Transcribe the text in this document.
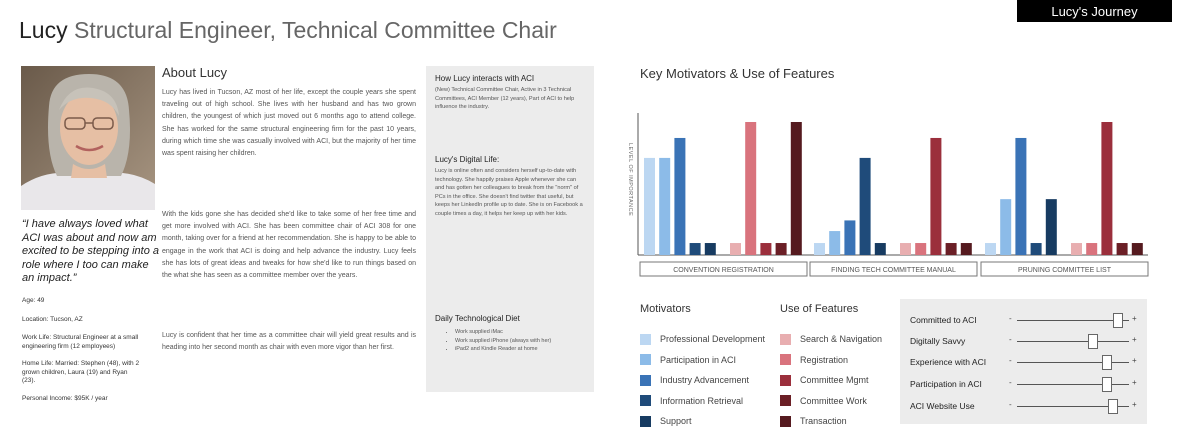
Lucy Structural Engineer, Technical Committee Chair
Lucy's Journey
“I have always loved what ACI was about and now am excited to be stepping into a role where I too can make an impact.”
Age: 49
Location: Tucson, AZ
Work Life: Structural Engineer at a small engineering firm (12 employees)
Home Life: Married: Stephen (48), with 2 grown children, Laura (19) and Ryan (23).
Personal Income: $95K / year
About Lucy

Lucy has lived in Tucson, AZ most of her life, except the couple years she spent traveling out of high school. She lives with her husband and has two grown children, the youngest of which just moved out 6 months ago to attend college. She has worked for the same structural engineering firm for the past 10 years, during which time she was casually involved with ACI, but the majority of her time was spent raising her children.

With the kids gone she has decided she'd like to take some of her free time and get more involved with ACI. She has been committee chair of ACI 308 for one month, taking over for a friend at her recommendation. She is happy to be able to engage in the work that ACI is doing and help advance the industry. Lucy feels she has lots of great ideas and tweaks for how she'd like to run things based on the what she has seen as a committee member over the years.

Lucy is confident that her time as a committee chair will yield great results and is heading into her second month as chair with even more vigor than her first.

How Lucy interacts with ACI

(New) Technical Committee Chair, Active in 3 Technical Committees, ACI Member (12 years), Part of ACI to help influence the industry.

Lucy's Digital Life:

Lucy is online often and considers herself up-to-date with technology. She happily praises Apple whenever she can and has gotten her colleagues to break from the "norm" of PCs in the office. She doesn't find twitter that useful, but keeps her LinkedIn profile up to date. She is on Facebook a couple times a day, it helps her keep up with her kids.

Daily Technological Diet
• Work supplied iMac
• Work supplied iPhone (always with her)
• iPad2 and Kindle Reader at home
Key Motivators & Use of Features
LEVEL OF IMPORTANCE
CONVENTION REGISTRATION	FINDING TECH COMMITTEE MANUAL	PRUNING COMMITTEE LIST
Motivators
Professional Development
Participation in ACI
Industry Advancement
Information Retrieval
Support
Use of Features
Search & Navigation
Registration
Committee Mgmt
Committee Work
Transaction
Committed to ACI	-	+
Digitally Savvy	-	+
Experience with ACI	-	+
Participation in ACI	-	+
ACI Website Use	-	+
